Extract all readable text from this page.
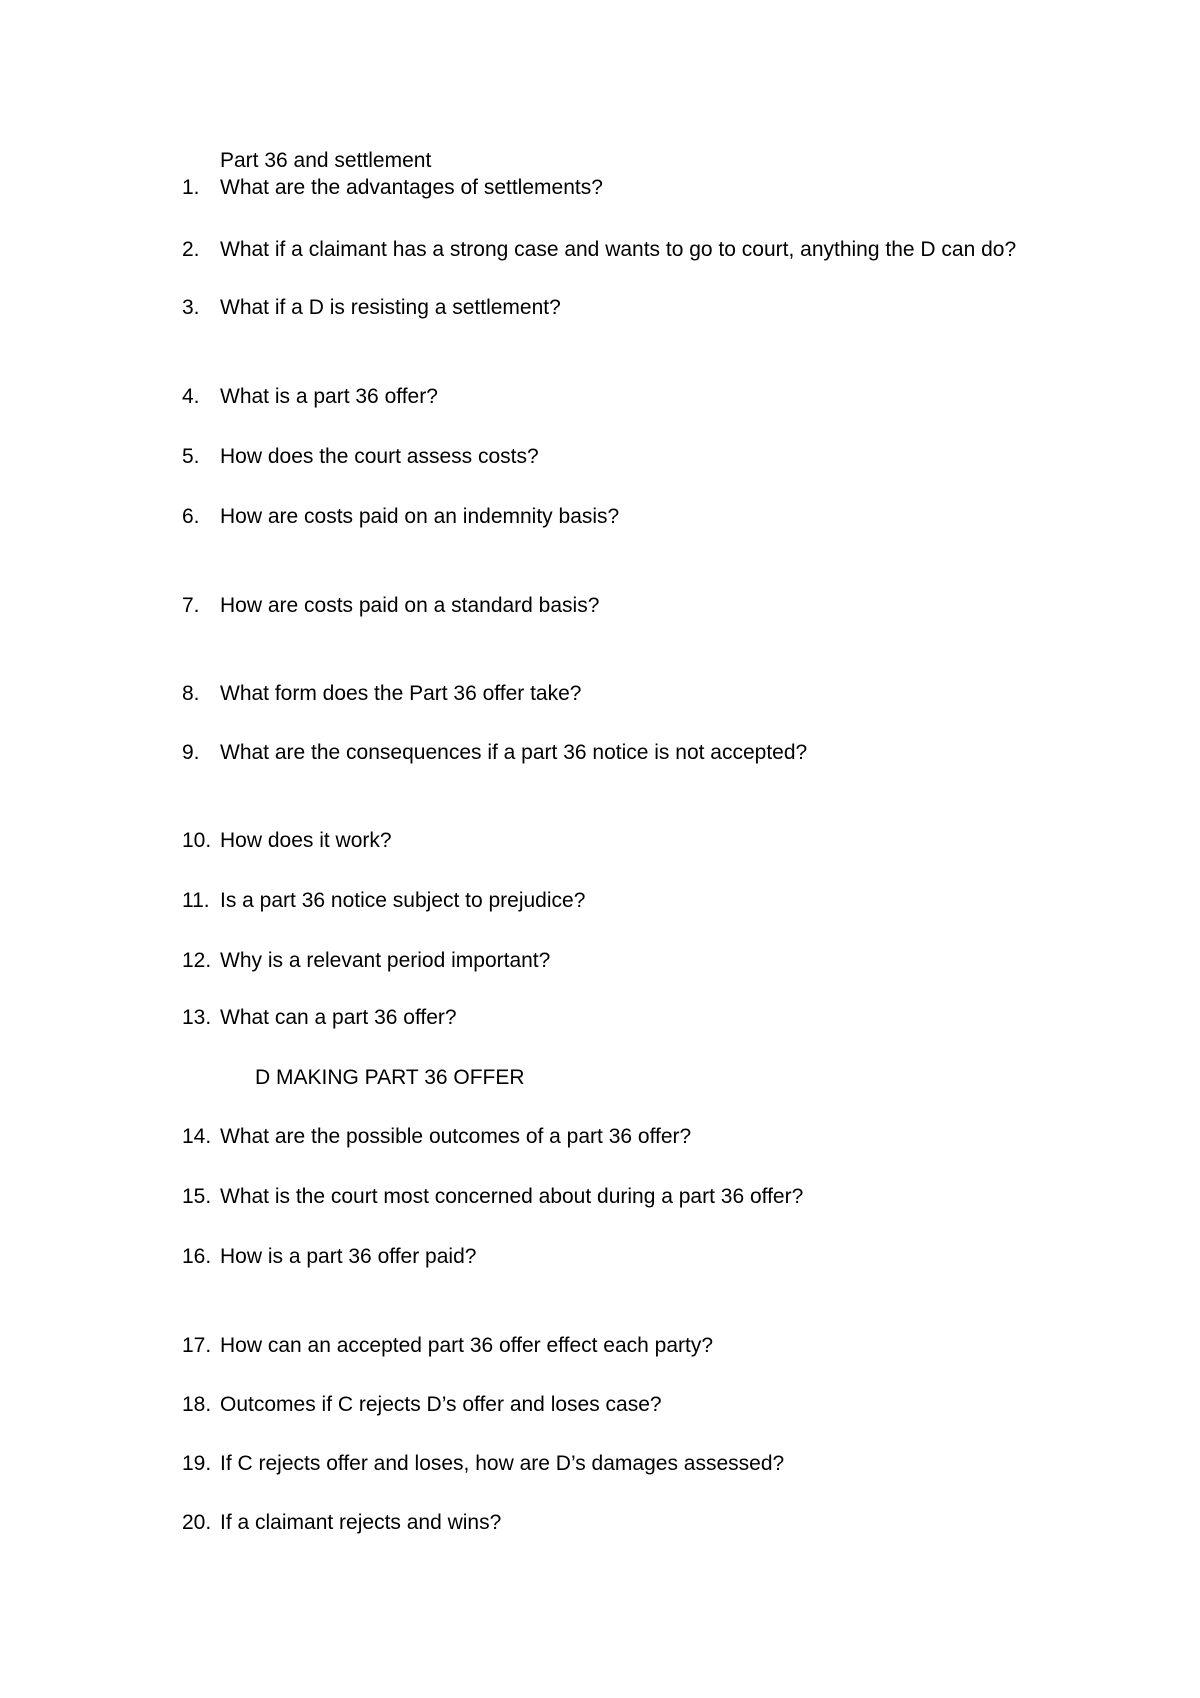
Part 36 and settlement
1. What are the advantages of settlements?
2. What if a claimant has a strong case and wants to go to court, anything the D can do?
3. What if a D is resisting a settlement?
4. What is a part 36 offer?
5. How does the court assess costs?
6. How are costs paid on an indemnity basis?
7. How are costs paid on a standard basis?
8. What form does the Part 36 offer take?
9. What are the consequences if a part 36 notice is not accepted?
10. How does it work?
11. Is a part 36 notice subject to prejudice?
12. Why is a relevant period important?
13. What can a part 36 offer?
D MAKING PART 36 OFFER
14. What are the possible outcomes of a part 36 offer?
15. What is the court most concerned about during a part 36 offer?
16. How is a part 36 offer paid?
17. How can an accepted part 36 offer effect each party?
18. Outcomes if C rejects D’s offer and loses case?
19. If C rejects offer and loses, how are D’s damages assessed?
20. If a claimant rejects and wins?
